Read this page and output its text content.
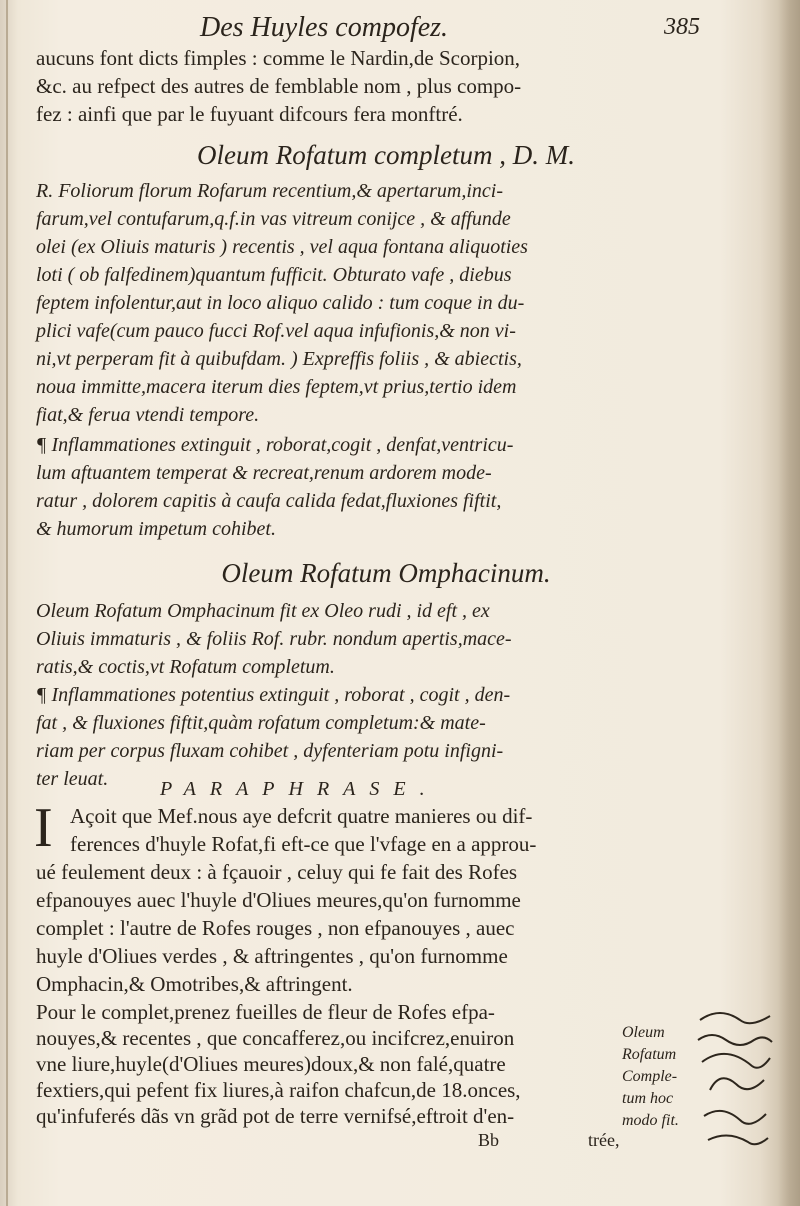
Des Huyles compofez.	385
aucuns font dicts fimples : comme le Nardin,de Scorpion,
&c. au refpect des autres de femblable nom , plus compo-
fez : ainfi que par le fuyuant difcours fera monftré.
Oleum Rofatum completum , D. M.
R. Foliorum florum Rofarum recentium,& apertarum,inci-
farum,vel contufarum,q.f.in vas vitreum conijce , & affunde
olei (ex Oliuis maturis ) recentis , vel aqua fontana aliquoties
loti ( ob falfedinem)quantum fufficit. Obturato vafe , diebus
feptem infolentur,aut in loco aliquo calido : tum coque in du-
plici vafe(cum pauco fucci Rof.vel aqua infufionis,& non vi-
ni,vt perperam fit à quibufdam. ) Expreffis foliis , & abiectis,
noua immitte,macera iterum dies feptem,vt prius,tertio idem
fiat,& ferua vtendi tempore.
¶ Inflammationes extinguit , roborat,cogit , denfat,ventricu-
lum aftuantem temperat & recreat,renum ardorem mode-
ratur , dolorem capitis à caufa calida fedat,fluxiones fiftit,
& humorum impetum cohibet.
Oleum Rofatum Omphacinum.
Oleum Rofatum Omphacinum fit ex Oleo rudi , id eft , ex
Oliuis immaturis , & foliis Rof. rubr. nondum apertis,mace-
ratis,& coctis,vt Rofatum completum.
¶ Inflammationes potentius extinguit , roborat , cogit , den-
fat , & fluxiones fiftit,quàm rofatum completum:& mate-
riam per corpus fluxam cohibet , dyfenteriam potu infigni-
ter leuat.	PARAPHRASE.
I Açoit que Mef.nous aye defcrit quatre manieres ou dif-
ferences d'huyle Rofat,fi eft-ce que l'vfage en a approu-
ué feulement deux : à fçauoir , celuy qui fe fait des Rofes
efpanouyes auec l'huyle d'Oliues meures,qu'on furnomme
complet : l'autre de Rofes rouges , non efpanouyes , auec
huyle d'Oliues verdes , & aftringentes , qu'on furnomme
Omphacin,& Omotribes,& aftringent.
Pour le complet,prenez fueilles de fleur de Rofes efpa-
nouyes,& recentes , que concafferez,ou incifcrez,enuiron
vne liure,huyle(d'Oliues meures)doux,& non falé,quatre
fextiers,qui pefent fix liures,à raifon chafcun,de 18.onces,
qu'infuferés dãs vn grãd pot de terre vernifsé,eftroit d'en-
Oleum
Rofatum
Comple-
tum hoc
modo fit.
Bb	trée,
